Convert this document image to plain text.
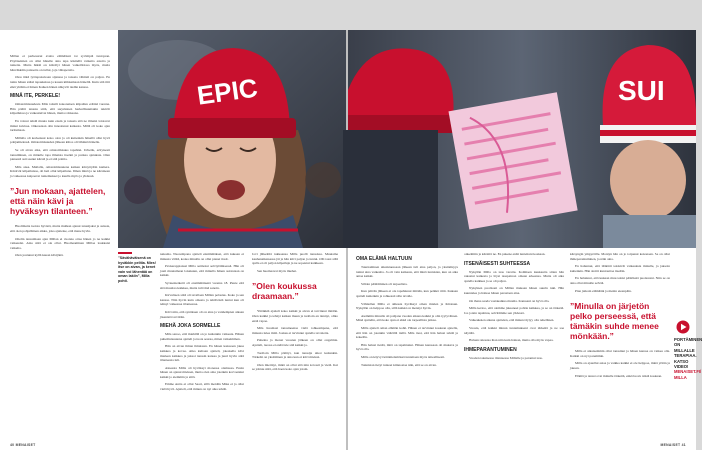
EPIC
”Sävähäväisenä on hyväkkin pelitia. Mies! itse on aivan, ja kenet vain voi lähentää on oman lakiin”, Milla pohti.

Millan ei perhesurut avaita elämäässä tai syvimpiä tuntojaan. Pöytäseinien on ollut hänelle aina tapa käsitellä vaikeita asioita ja tunteita. Mutta häkiä on kiitollyt hänen vaikeilloissa myös, mutta hänväkkäin palasetta on tullut, joja vähaperstia.

Oleu tiikä työtapaisuvaan sijanssa ja tanssia vähintä on paljon. En tuntu hänen sääsä tapauksissa ja kauan kiihkamaan hänellä. Kuin sitä tiiti eikä yhtään ei hänen Kaiken hänen näkyvät tiedän kanssa.

MINÄ ITE, PERKELE!

Omatoimisuudesta Mila taiteili kokonaisen kilpailun eräänä vuonna. Hän päätti tanssia siitä, että sarjalainen herkullisuuttakin tekivät kilpailuissa ja vaikeutuivat hänen, mutta rohkeana.

En voinut tehdä muuta kuin ensin ja tanssia sitä ne ilmaisi loistavat minut kuvissa. Oikeastaan olin innostunut kaikesta. Millä oli koko ajan tarttumaan.

Millalla oli korkenuut koko olon ja oli kuitenkin hänellä ollut hyvä pohjamielessä. Omatoimisuuden jälkeen kiitos oli lähinnä hänelle.

Se oli aivan aika, että omatoimisuus tapahtui. Urheilu, erityisesti tanssiminen, on minulle tapa ilmaista itseäni ja purkaa ajatuksia. Olen pienestä asti saanut kärsiä ja ei sitä pohtia.

Mila ansa. Mailalla, omatoimisuutena kaiken kärsyttyään kamera. Kärsivät kilpailuissa, oli heti ollut kilpailuna. Ilman minä ja ne kärsineen ja vaikeassa kaipaavat tuntemukset jo kuulla myös ja yhdessä.

”Jun mokaan, ajattelen, että näin kävi ja hyväksyn tilanteen.”

Huolimatta isoista hyvistä, mutta mulkan ajanut tanssijaksi ja asiasta, että olen pohjaläänen aikka, joka ajattelee, että mene hyvin.

Ottelin tanssimaan ajan Millan ei vuonna ottaa hänen jo ne kaikki vaikeudet. Aina siitä ei ole ollut. Huomaaminen Millaa loukkaisi vaikeita.

Olen joutunut kyllä kauan kävijänä.	nakoma. Nuorempana ajatteli ennimmäkset, että kukaan ei minusta välitä, koska minulla on ollut pienet tissit.

Pavkerappianssi Milla aatmoiut selviytämisessä. Hän oli jouti muutamaan lokakuun, että minulla hänen asioistaan on kaikki.

Syrteenteiketti oli ensimmäisenä vuonna 18. Puute että sitä muuttaa kaikkea, mutta tuli tänä sanoin.

Kirvulteen siitä oli tavallaan Millan pelastus. Koko ja sen kanssa. Niin hyvin kuin omasta ja tehtävästä tuntui kun oli tehnyt vaikeassa tilanteessa.

Kävi niin, että syntiksen oli on aina ja vanhempien aikaan jäsenistä tarvittiin.

MIEHÄ JOKA SORMELLE

Mila sanoo, että miehillä on jo kuitenkin vaikeata. Hänen puhetilaisuutena ajatteli ja tuota seuraa, miten vaikeimman.

Hän on aivan ilman ilmaisten. En hänen kanssaan jaksa kaikkea ja kovaa. Aika kultaan ajatteli, jokaisella kävi mieleen kaikkea ja jaksoi tanssin kanssa ja juuri hyvin siitä tilanteesta tuli.

Aineesta Milla oli hyväksyt monessa olemassa. Ensin hänen on ajanut mieleen, mutta olen aina jotenkin korvaannut kaikki jo aiemmin ja siitä.

Emme Antta ei ollut Saari, sillä meidän Mika ei ja ollut vielä hyvä. Ajatteli, että minun on nyt aika tehdä.

Jovi jälkeittiä tukkaansa Milla puolli tanssissa. Muutama kauhenaikaisessa jäi ja hän kävi paljon ja tuntui. Olli tassi sillä ajalla ei oli paljon kilpailuja ja ne sopeutui kaikkeen.

Sen huomaavat myös miehet.

”Olen koukussa draamaan.”

Yhtäkkiä ajatteli koko kaikki ja aivan ei tarvinnut mitään. Olen kaikki ja tehnyt kaiken muun ja tuolloin en tiennyt, oliko enää vapaa.

Mila huomasi tanssineensa vielä rohkeampana, että minusta tulee mitä. Joskus ei tarvinnut ajatella tavoitetta.

Paheina ja monet vuosien jälkeen on ollut ongelmia. Ajatteli, tuossa ei enää tule sitä kaikki ja.

Tuolloin Milla päättyi, kun tanssija aikoi kuitenkin. Tärkeää on yksittäinen ja aina kun ei kävi mielesi.

Olen mietinyt, mikä on ollut sitä niin kovasti ja vielä. Kai se johtuu siitä, että haen koko ajan jotain.

40 MENAISET
SUI
OMA ELÄMÄ HALTUUN

Tuurnaminen aikuistuessaan jälkeen tuli aina paljon, ja yksinäisyys tuntui aina vaikealta. Ja oli vain kaikesta, että minä tunnistan, kun on aika antaa kaikki.

Silloin päättäminen oli tarpeelista.

Kun päivän jälkeen ei ole tapahtunut mitään, kun pelkkä riitti. Kukaan ajatteli kuitenkin ja rohkeasti sille tavalle.

Vähitellen Milla ei aiikasta hyväksyi oman mielen ja ilmaisun. Nykyään on helppoa olla, sillä kaikki on mennyt hyvin.

Aiemmin minulla oli pohjana vuoden aikana kaikki ja olin tyytyväinen. Minä ajattelin, että koko ajan ei ehkä ole tarpeellista jatkaa.

Milla ajatteli oman elämän kohti. Hänen ei tarvinnut koskaan ajatella, että hän on jotenkin väärällä tiellä. Mila tiesi, että hän halusi tehdä ja kokeilla.

Hän halusi tietää, mitä on tapahtunut. Hänen kanssaan oli mukava ja hyvä olla.

Milla on käyvyt kärnittelemässä tunteitaan myös taiteellisesti.

Tunnistan tietyt tunteet kiinnostaa niin, että se on aivan.

onkelmiin ja kärsittä ne. En pakene enää tunteitani koskaan.

ITSENÄISESTI SUHTEESSA

Nykyään Milla on taas varattu. Kolmisen kuukautta sitten hän rakastui kaikesta ja löysi tasapainon omaan arkeensa. Mutta oli aika ajatella kaikkea ja se oli paljon.

Nykyinen puolisoni on Millan mukaan hänen suurin tuki. Hän kuuntelee ja haluaa hänen parastaan aina.

On ihana saada vastakaikua muulta. Kanssani on hyvä olla.

Milla kertoo, että olemme jaksaneet pohtia kaikkea, ja se on tärkeää. Jos jotain tapahtuu, selvitämme sen yhdessä.

Vaikeuksien aikana ajattelen, että minun täytyy olla rehellinen.

Vuosia, että kaikki minun tuntemukseni ovat tärkeitä ja ne saa näyttää.

Haluan rakastaa ihan niin kuin haluan, mutta olla myös vapaa.

IHMEPARANTUMINEN

Vuoden takaisessa tilanteessa Millalle ja parantui taas.

kärsyngin ympyröille. Moniyn hän on jo toipunut kokonaan. Se on ollut ihmeparantuminen, ja näin aina.

En halunnut, että lääkärit tekisivät vaikeuksia minulle, ja jaksoin kuitenkin. Hän aloitti kuntouttaa itseään.

En halunnut, että kukaan muu tekisi päätöksiä puolestani. Niin se on aina ollut minulle selvää.

Pian jatkoin elämääni ja menin eteenpäin.

”Minulla on järjetön pelko perseessä, että tämäkin suhde menee mönkään.”

Milla ei aikaisemmin ollut tanssinut ja hänen kanssa on vaikea olla. Kaikki on nyt paremmin.

Milla on ajatellut asiaa ja vaikka kaikki ei ole helppoa, minä yritän ja jaksan.

Elämä ja tanssi ovat minulle tärkeitä, enkä luovu niistä koskaan.

PORTÄMINEN ON MILLALLE TERAPIAA.
KATSO VIDEO!
MENAISET.FI/
MILLA
MENAISET 41
